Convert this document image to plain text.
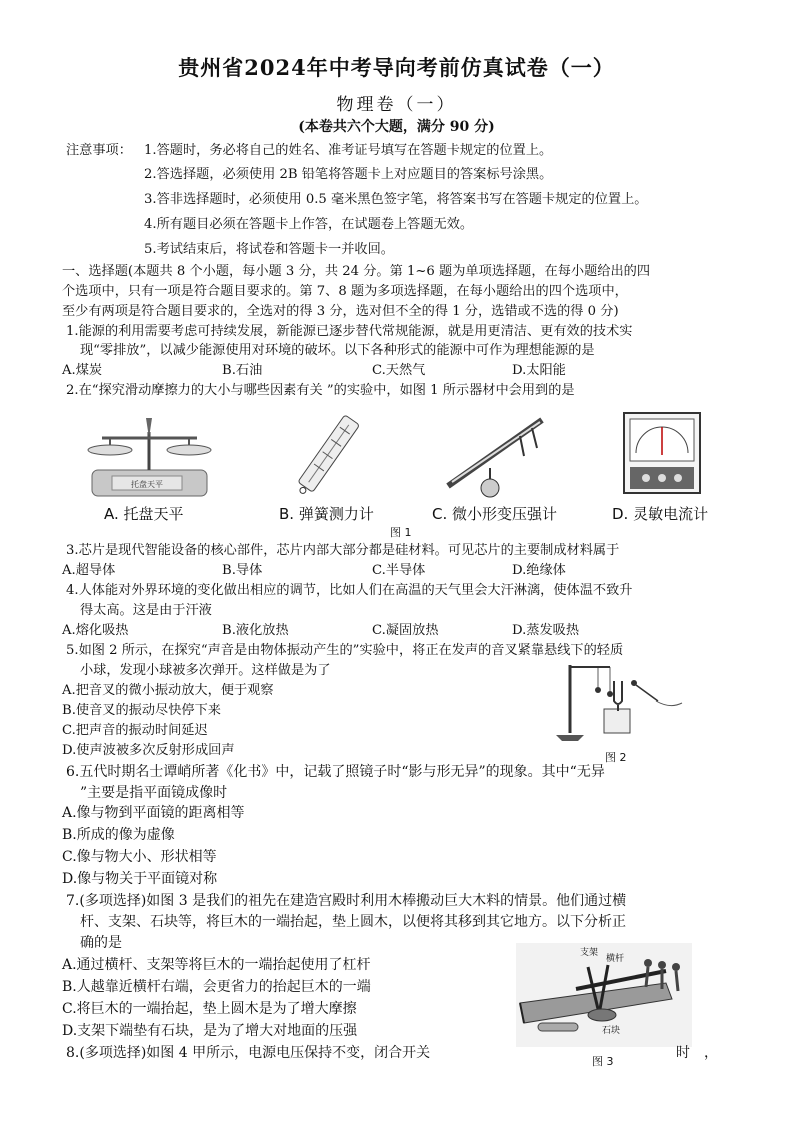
贵州省2024年中考导向考前仿真试卷（一）
物理卷（一）
(本卷共六个大题，满分 90 分)
注意事项： 1.答题时，务必将自己的姓名、准考证号填写在答题卡规定的位置上。
2.答选择题，必须使用 2B 铅笔将答题卡上对应题目的答案标号涂黑。
3.答非选择题时，必须使用 0.5 毫米黑色签字笔，将答案书写在答题卡规定的位置上。
4.所有题目必须在答题卡上作答，在试题卷上答题无效。
5.考试结束后，将试卷和答题卡一并收回。
一、选择题(本题共 8 个小题，每小题 3 分，共 24 分。第 1~6 题为单项选择题，在每小题给出的四
个选项中，只有一项是符合题目要求的。第 7、8 题为多项选择题，在每小题给出的四个选项中，
至少有两项是符合题目要求的，全选对的得 3 分，选对但不全的得 1 分，选错或不选的得 0 分)
1.能源的利用需要考虑可持续发展，新能源已逐步替代常规能源，就是用更清洁、更有效的技术实
现“零排放”，以减少能源使用对环境的破坏。以下各种形式的能源中可作为理想能源的是
A.煤炭	B.石油	C.天然气	D.太阳能
2.在“探究滑动摩擦力的大小与哪些因素有关 ”的实验中，如图 1 所示器材中会用到的是
托盘天平
A. 托盘天平	B. 弹簧测力计	C. 微小形变压强计	D. 灵敏电流计
图 1
3.芯片是现代智能设备的核心部件，芯片内部大部分都是硅材料。可见芯片的主要制成材料属于
A.超导体	B.导体	C.半导体	D.绝缘体
4.人体能对外界环境的变化做出相应的调节，比如人们在高温的天气里会大汗淋漓，使体温不致升
得太高。这是由于汗液
A.熔化吸热	B.液化放热	C.凝固放热	D.蒸发吸热
5.如图 2 所示，在探究“声音是由物体振动产生的”实验中，将正在发声的音叉紧靠悬线下的轻质
小球，发现小球被多次弹开。这样做是为了
A.把音叉的微小振动放大，便于观察
B.使音叉的振动尽快停下来
C.把声音的振动时间延迟
D.使声波被多次反射形成回声	图 2
6.五代时期名士谭峭所著《化书》中，记载了照镜子时“影与形无异”的现象。其中“无异
”主要是指平面镜成像时
A.像与物到平面镜的距离相等
B.所成的像为虚像
C.像与物大小、形状相等
D.像与物关于平面镜对称
7.(多项选择)如图 3 是我们的祖先在建造宫殿时利用木棒搬动巨大木料的情景。他们通过横
杆、支架、石块等，将巨木的一端抬起，垫上圆木，以便将其移到其它地方。以下分析正
确的是
A.通过横杆、支架等将巨木的一端抬起使用了杠杆
B.人越靠近横杆右端，会更省力的抬起巨木的一端
C.将巨木的一端抬起，垫上圆木是为了增大摩擦
D.支架下端垫有石块，是为了增大对地面的压强
支架
横杆
石块
图 3
8.(多项选择)如图 4 甲所示，电源电压保持不变，闭合开关	时　，
